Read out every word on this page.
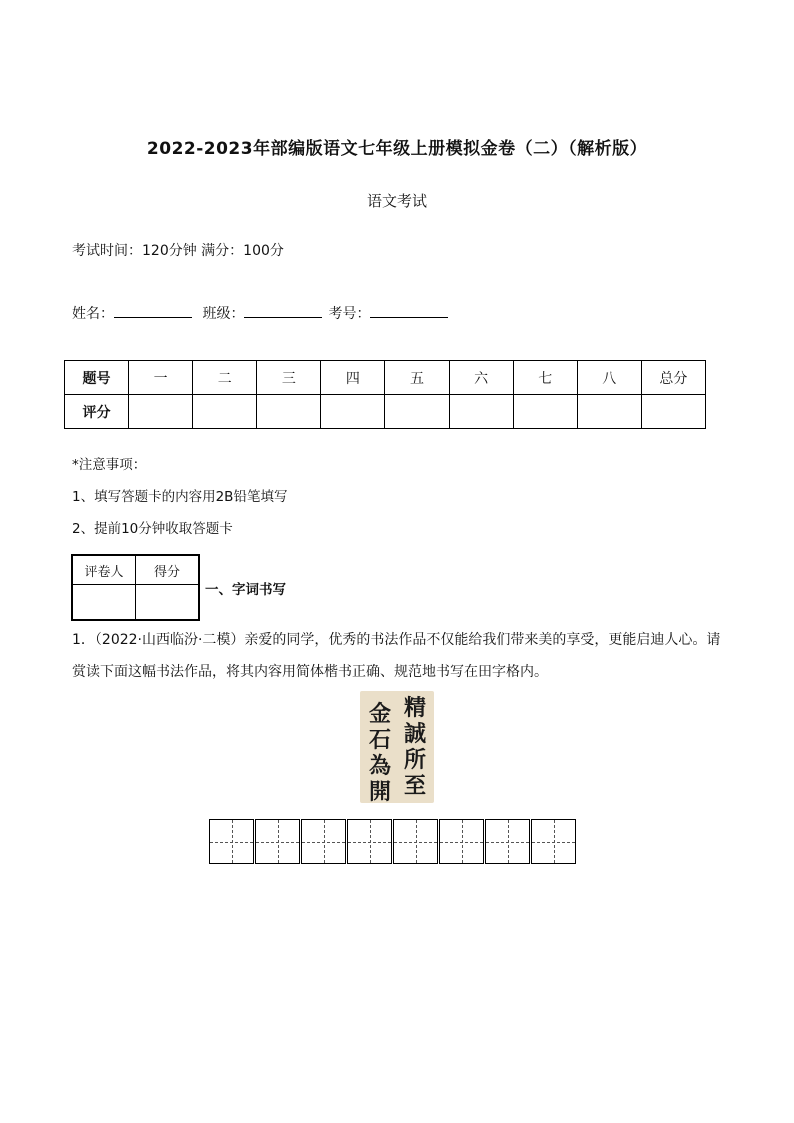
2022-2023年部编版语文七年级上册模拟金卷（二）（解析版）
语文考试
考试时间：120分钟 满分：100分
姓名：	班级：	考号：
题号	一	二	三	四	五	六	七	八	总分
评分									
*注意事项：
1、填写答题卡的内容用2B铅笔填写
2、提前10分钟收取答题卡
评卷人	得分

一、字词书写
1．（2022·山西临汾·二模）亲爱的同学，优秀的书法作品不仅能给我们带来美的享受，更能启迪人心。请赏读下面这幅书法作品，将其内容用简体楷书正确、规范地书写在田字格内。
精
誠
所
至
金
石
為
開
